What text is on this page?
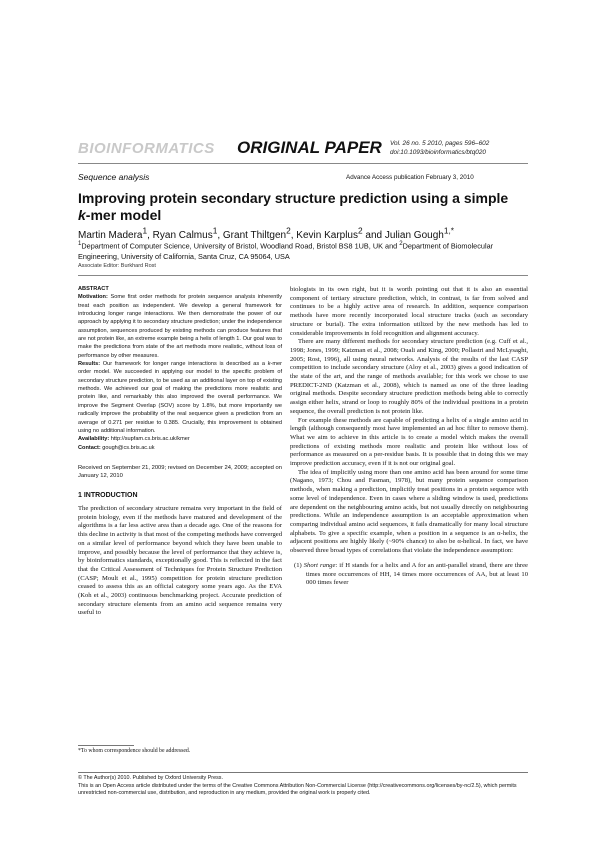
BIOINFORMATICS ORIGINAL PAPER Vol. 26 no. 5 2010, pages 596–602
doi:10.1093/bioinformatics/btq020
Sequence analysis	Advance Access publication February 3, 2010
Improving protein secondary structure prediction using a simple
k-mer model
Martin Madera$^1$, Ryan Calmus$^1$, Grant Thiltgen$^2$, Kevin Karplus$^2$ and Julian Gough$^{1,*}$
$^1$Department of Computer Science, University of Bristol, Woodland Road, Bristol BS8 1UB, UK and $^2$Department of Biomolecular Engineering, University of California, Santa Cruz, CA 95064, USA
Associate Editor: Burkhard Rost

ABSTRACT

Motivation: Some first order methods for protein sequence analysis inherently treat each position as independent. We develop a general framework for introducing longer range interactions. We then demonstrate the power of our approach by applying it to secondary structure prediction; under the independence assumption, sequences produced by existing methods can produce features that are not protein like, an extreme example being a helix of length 1. Our goal was to make the predictions from state of the art methods more realistic, without loss of performance by other measures.

Results: Our framework for longer range interactions is described as a k-mer order model. We succeeded in applying our model to the specific problem of secondary structure prediction, to be used as an additional layer on top of existing methods. We achieved our goal of making the predictions more realistic and protein like, and remarkably this also improved the overall performance. We improve the Segment Overlap (SOV) score by 1.8%, but more importantly we radically improve the probability of the real sequence given a prediction from an average of 0.271 per residue to 0.385. Crucially, this improvement is obtained using no additional information.

Availability: http://supfam.cs.bris.ac.uk/kmer

Contact: gough@cs.bris.ac.uk

Received on September 21, 2009; revised on December 24, 2009; accepted on January 12, 2010
1 INTRODUCTION
The prediction of secondary structure remains very important in the field of protein biology, even if the methods have matured and development of the algorithms is a far less active area than a decade ago. One of the reasons for this decline in activity is that most of the competing methods have converged on a similar level of performance beyond which they have been unable to improve, and possibly because the level of performance that they achieve is, by bioinformatics standards, exceptionally good. This is reflected in the fact that the Critical Assessment of Techniques for Protein Structure Prediction (CASP; Moult et al., 1995) competition for protein structure prediction ceased to assess this as an official category some years ago. As the EVA (Koh et al., 2003) continuous benchmarking project. Accurate prediction of secondary structure elements from an amino acid sequence remains very useful to
*To whom correspondence should be addressed.

biologists in its own right, but it is worth pointing out that it is also an essential component of tertiary structure prediction, which, in contrast, is far from solved and continues to be a highly active area of research. In addition, sequence comparison methods have more recently incorporated local structure tracks (such as secondary structure or burial). The extra information utilized by the new methods has led to considerable improvements in fold recognition and alignment accuracy.

There are many different methods for secondary structure prediction (e.g. Cuff et al., 1998; Jones, 1999; Katzman et al., 2008; Ouali and King, 2000; Pollastri and McLysaght, 2005; Rost, 1996), all using neural networks. Analysis of the results of the last CASP competition to include secondary structure (Aloy et al., 2003) gives a good indication of the state of the art, and the range of methods available; for this work we chose to use PREDICT-2ND (Katzman et al., 2008), which is named as one of the three leading original methods. Despite secondary structure prediction methods being able to correctly assign either helix, strand or loop to roughly 80% of the individual positions in a protein sequence, the overall prediction is not protein like.

For example these methods are capable of predicting a helix of a single amino acid in length (although consequently most have implemented an ad hoc filter to remove them). What we aim to achieve in this article is to create a model which makes the overall predictions of existing methods more realistic and protein like without loss of performance as measured on a per-residue basis. It is possible that in doing this we may improve prediction accuracy, even if it is not our original goal.

The idea of implicitly using more than one amino acid has been around for some time (Nagano, 1973; Chou and Fasman, 1978), but many protein sequence comparison methods, when making a prediction, implicitly treat positions in a protein sequence with some level of independence. Even in cases where a sliding window is used, predictions are dependent on the neighbouring amino acids, but not usually directly on neighbouring predictions. While an independence assumption is an acceptable approximation when comparing individual amino acid sequences, it fails dramatically for many local structure alphabets. To give a specific example, when a position in a sequence is an α-helix, the adjacent positions are highly likely (~90% chance) to also be α-helical. In fact, we have observed three broad types of correlations that violate the independence assumption:

(1) Short range: if H stands for a helix and A for an anti-parallel strand, there are three times more occurrences of HH, 14 times more occurrences of AA, but at least 10 000 times fewer

© The Author(s) 2010. Published by Oxford University Press.
This is an Open Access article distributed under the terms of the Creative Commons Attribution Non-Commercial License (http://creativecommons.org/licenses/by-nc/2.5), which permits unrestricted non-commercial use, distribution, and reproduction in any medium, provided the original work is properly cited.
